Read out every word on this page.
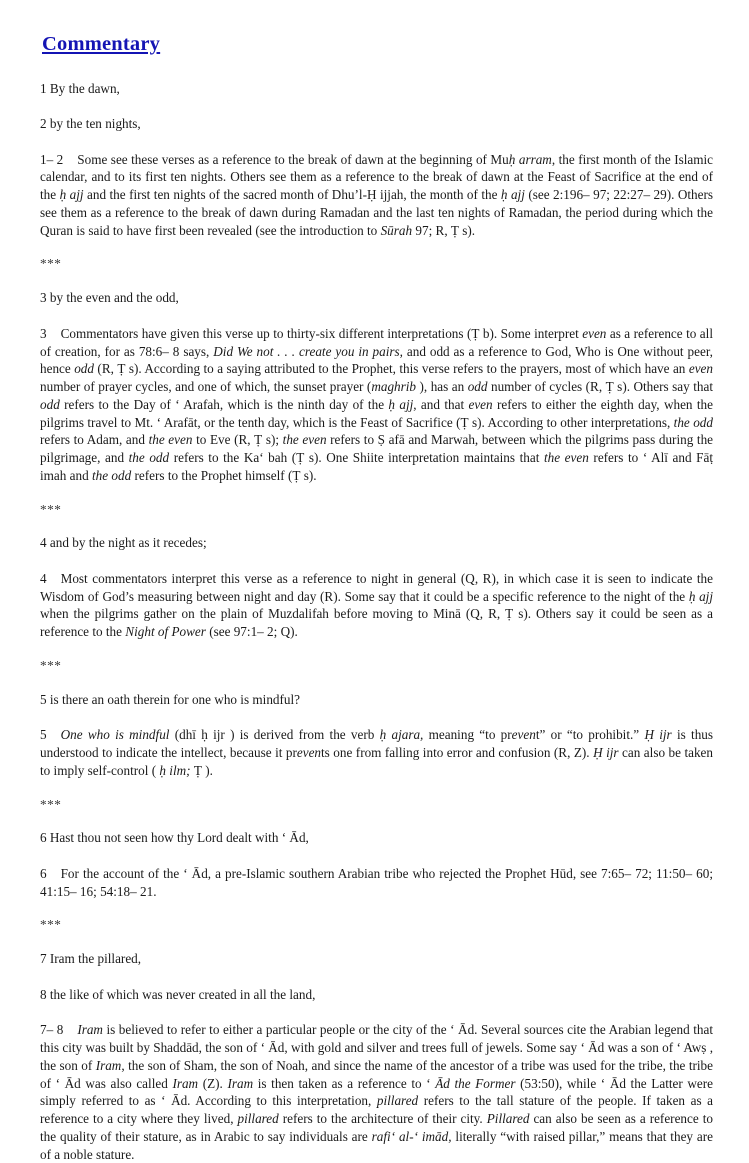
Commentary

1 By the dawn,

2 by the ten nights,

1– 2 Some see these verses as a reference to the break of dawn at the beginning of Muḥ arram, the first month of the Islamic calendar, and to its first ten nights. Others see them as a reference to the break of dawn at the Feast of Sacrifice at the end of the ḥ ajj and the first ten nights of the sacred month of Dhu’l-Ḥ ijjah, the month of the ḥ ajj (see 2:196– 97; 22:27– 29). Others see them as a reference to the break of dawn during Ramadan and the last ten nights of Ramadan, the period during which the Quran is said to have first been revealed (see the introduction to Sūrah 97; R, Ṭ s).

***

3 by the even and the odd,

3 Commentators have given this verse up to thirty-six different interpretations (Ṭ b). Some interpret even as a reference to all of creation, for as 78:6– 8 says, Did We not . . . create you in pairs, and odd as a reference to God, Who is One without peer, hence odd (R, Ṭ s). According to a saying attributed to the Prophet, this verse refers to the prayers, most of which have an even number of prayer cycles, and one of which, the sunset prayer (maghrib ), has an odd number of cycles (R, Ṭ s). Others say that odd refers to the Day of ʻ Arafah, which is the ninth day of the ḥ ajj, and that even refers to either the eighth day, when the pilgrims travel to Mt. ʻ Arafāt, or the tenth day, which is the Feast of Sacrifice (Ṭ s). According to other interpretations, the odd refers to Adam, and the even to Eve (R, Ṭ s); the even refers to Ṣ afā and Marwah, between which the pilgrims pass during the pilgrimage, and the odd refers to the Kaʻ bah (Ṭ s). One Shiite interpretation maintains that the even refers to ʻ Alī and Fāṭ imah and the odd refers to the Prophet himself (Ṭ s).

***

4 and by the night as it recedes;

4 Most commentators interpret this verse as a reference to night in general (Q, R), in which case it is seen to indicate the Wisdom of God’s measuring between night and day (R). Some say that it could be a specific reference to the night of the ḥ ajj when the pilgrims gather on the plain of Muzdalifah before moving to Minā (Q, R, Ṭ s). Others say it could be seen as a reference to the Night of Power (see 97:1– 2; Q).

***

5 is there an oath therein for one who is mindful?

5 One who is mindful (dhī ḥ ijr ) is derived from the verb ḥ ajara, meaning “to prevent” or “to prohibit.” Ḥ ijr is thus understood to indicate the intellect, because it prevents one from falling into error and confusion (R, Z). Ḥ ijr can also be taken to imply self-control ( ḥ ilm; Ṭ ).

***

6 Hast thou not seen how thy Lord dealt with ʻ Ād,

6 For the account of the ʻ Ād, a pre-Islamic southern Arabian tribe who rejected the Prophet Hūd, see 7:65– 72; 11:50– 60; 41:15– 16; 54:18– 21.

***

7 Iram the pillared,

8 the like of which was never created in all the land,

7– 8 Iram is believed to refer to either a particular people or the city of the ʻ Ād. Several sources cite the Arabian legend that this city was built by Shaddād, the son of ʻ Ād, with gold and silver and trees full of jewels. Some say ʻ Ād was a son of ʻ Awṣ , the son of Iram, the son of Sham, the son of Noah, and since the name of the ancestor of a tribe was used for the tribe, the tribe of ʻ Ād was also called Iram (Z). Iram is then taken as a reference to ʻ Ād the Former (53:50), while ʻ Ād the Latter were simply referred to as ʻ Ād. According to this interpretation, pillared refers to the tall stature of the people. If taken as a reference to a city where they lived, pillared refers to the architecture of their city. Pillared can also be seen as a reference to the quality of their stature, as in Arabic to say individuals are rafiʻ al-ʻ imād, literally “with raised pillar,” means that they are of a noble stature.
